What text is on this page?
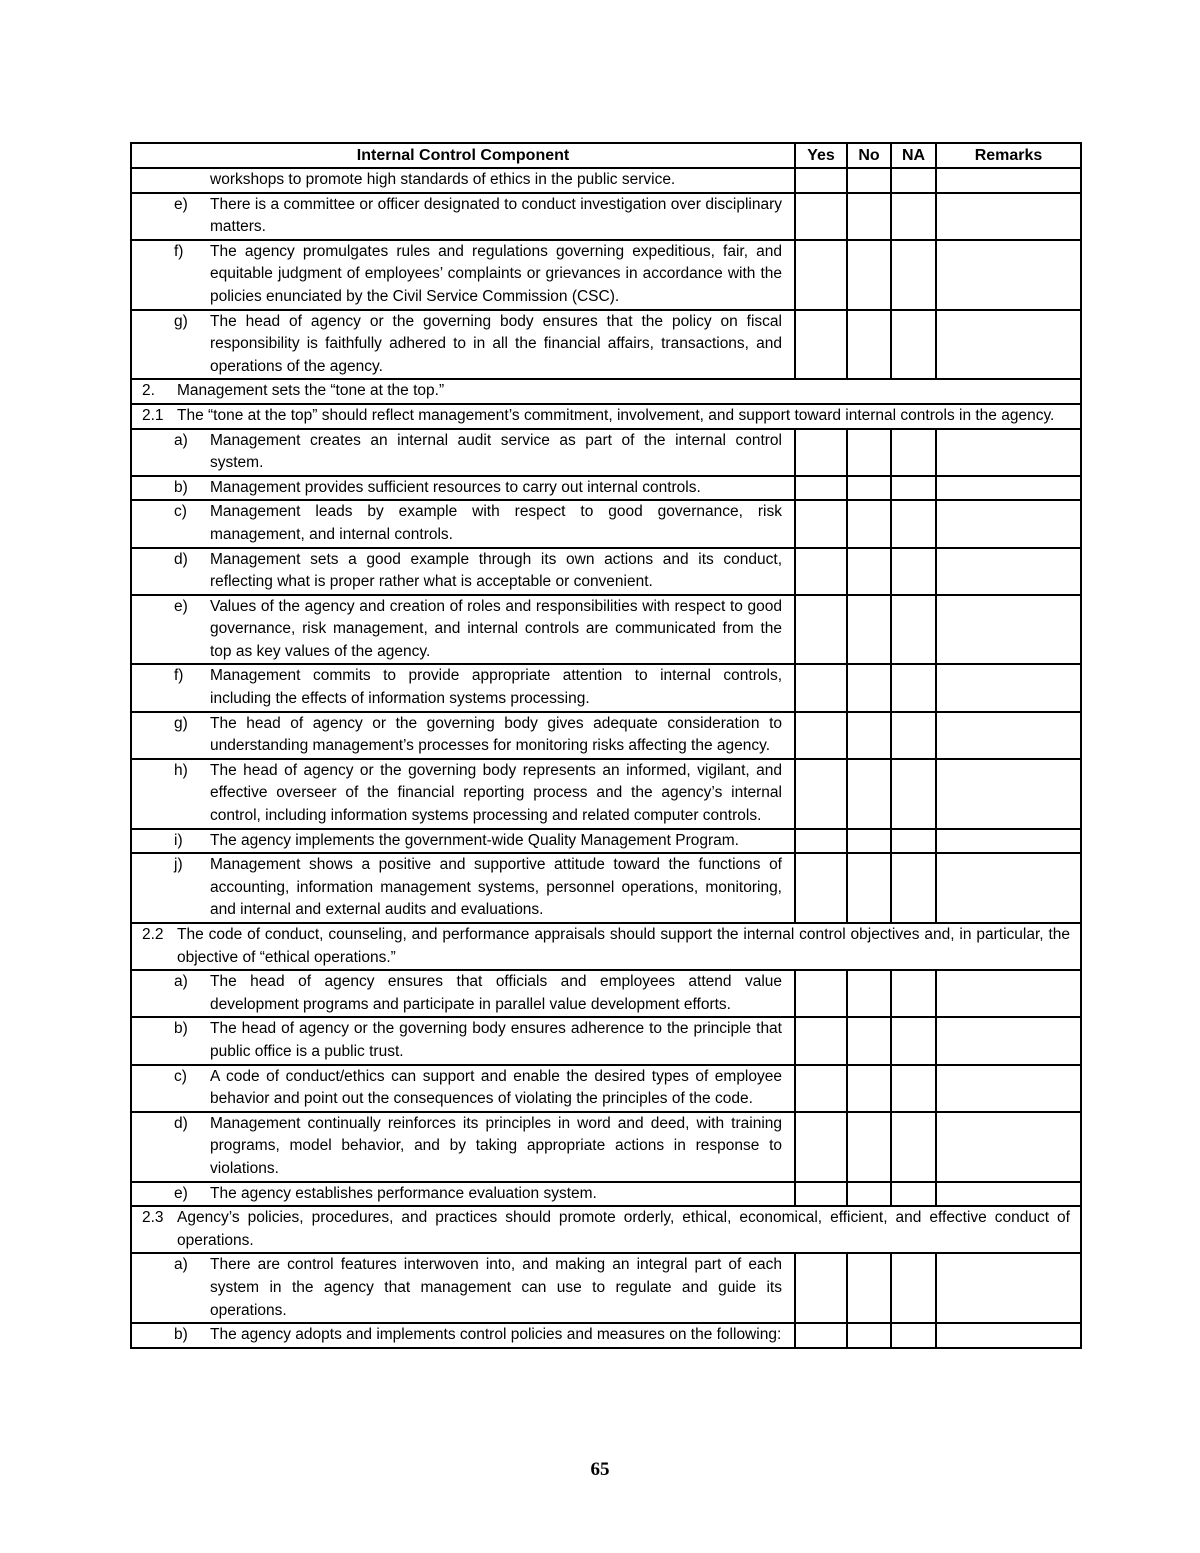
Internal Control Component	Yes	No	NA	Remarks
workshops to promote high standards of ethics in the public service.				

e) There is a committee or officer designated to conduct investigation over disciplinary matters.				

f) The agency promulgates rules and regulations governing expeditious, fair, and equitable judgment of employees’ complaints or grievances in accordance with the policies enunciated by the Civil Service Commission (CSC).				

g) The head of agency or the governing body ensures that the policy on fiscal responsibility is faithfully adhered to in all the financial affairs, transactions, and operations of the agency.				

2. Management sets the “tone at the top.”				

2.1 The “tone at the top” should reflect management’s commitment, involvement, and support toward internal controls in the agency.				

a) Management creates an internal audit service as part of the internal control system.				

b) Management provides sufficient resources to carry out internal controls.				

c) Management leads by example with respect to good governance, risk management, and internal controls.				

d) Management sets a good example through its own actions and its conduct, reflecting what is proper rather what is acceptable or convenient.				

e) Values of the agency and creation of roles and responsibilities with respect to good governance, risk management, and internal controls are communicated from the top as key values of the agency.				

f) Management commits to provide appropriate attention to internal controls, including the effects of information systems processing.				

g) The head of agency or the governing body gives adequate consideration to understanding management’s processes for monitoring risks affecting the agency.				

h) The head of agency or the governing body represents an informed, vigilant, and effective overseer of the financial reporting process and the agency’s internal control, including information systems processing and related computer controls.				

i) The agency implements the government-wide Quality Management Program.				

j) Management shows a positive and supportive attitude toward the functions of accounting, information management systems, personnel operations, monitoring, and internal and external audits and evaluations.				

2.2 The code of conduct, counseling, and performance appraisals should support the internal control objectives and, in particular, the objective of “ethical operations.”				

a) The head of agency ensures that officials and employees attend value development programs and participate in parallel value development efforts.				

b) The head of agency or the governing body ensures adherence to the principle that public office is a public trust.				

c) A code of conduct/ethics can support and enable the desired types of employee behavior and point out the consequences of violating the principles of the code.				

d) Management continually reinforces its principles in word and deed, with training programs, model behavior, and by taking appropriate actions in response to violations.				

e) The agency establishes performance evaluation system.				

2.3 Agency’s policies, procedures, and practices should promote orderly, ethical, economical, efficient, and effective conduct of operations.				

a) There are control features interwoven into, and making an integral part of each system in the agency that management can use to regulate and guide its operations.				

b) The agency adopts and implements control policies and measures on the following:				
65
